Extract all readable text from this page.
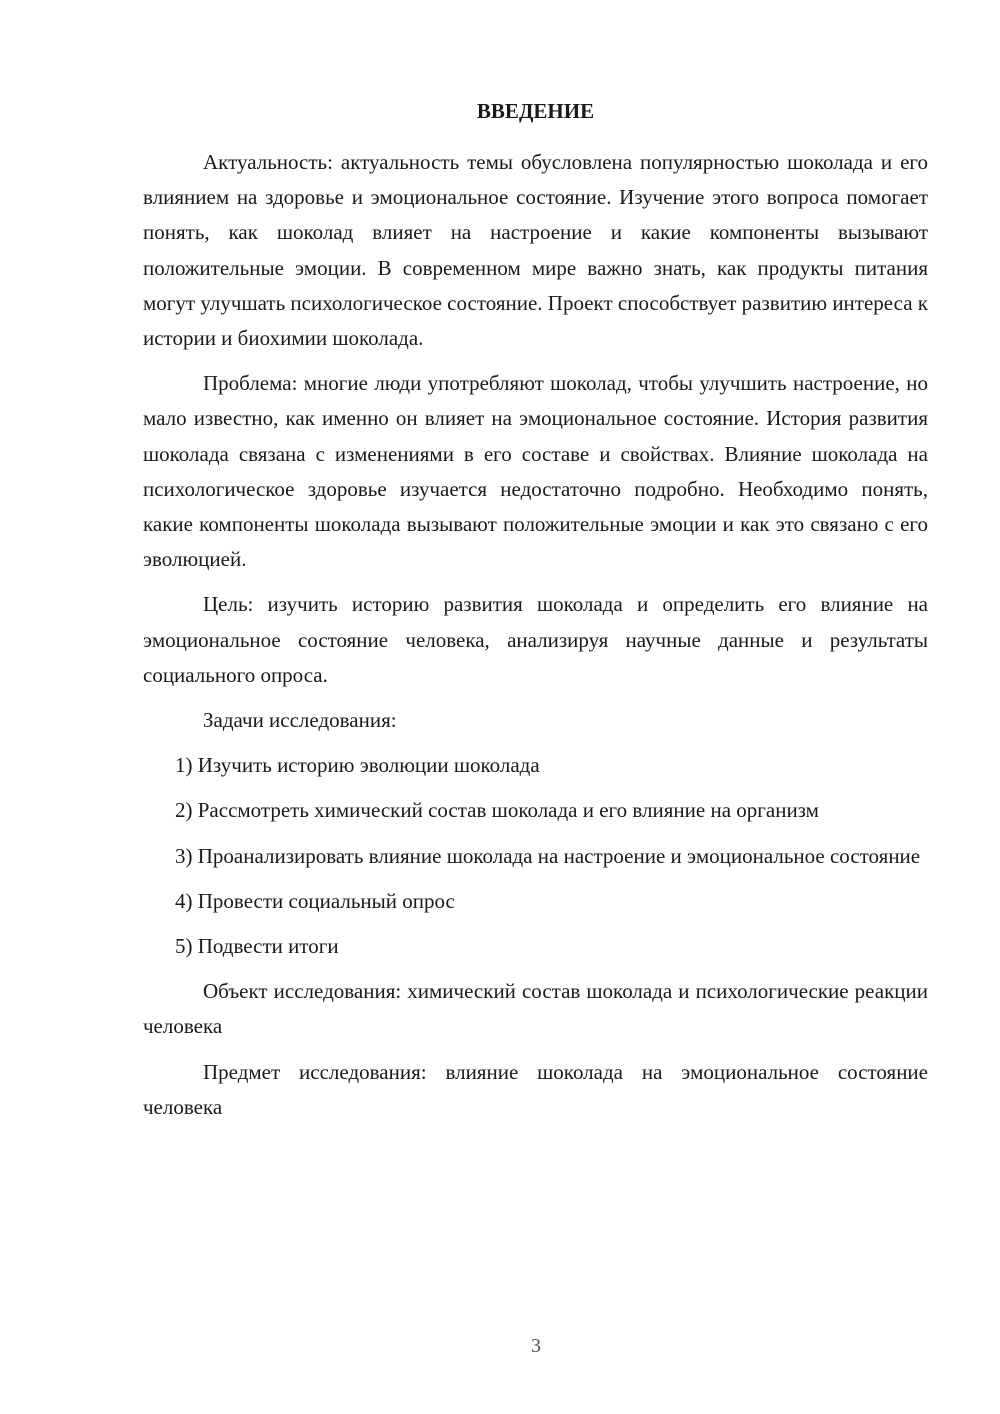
ВВЕДЕНИЕ

Актуальность: актуальность темы обусловлена популярностью шоколада и его влиянием на здоровье и эмоциональное состояние. Изучение этого вопроса помогает понять, как шоколад влияет на настроение и какие компоненты вызывают положительные эмоции. В современном мире важно знать, как продукты питания могут улучшать психологическое состояние. Проект способствует развитию интереса к истории и биохимии шоколада.

Проблема: многие люди употребляют шоколад, чтобы улучшить настроение, но мало известно, как именно он влияет на эмоциональное состояние. История развития шоколада связана с изменениями в его составе и свойствах. Влияние шоколада на психологическое здоровье изучается недостаточно подробно. Необходимо понять, какие компоненты шоколада вызывают положительные эмоции и как это связано с его эволюцией.

Цель: изучить историю развития шоколада и определить его влияние на эмоциональное состояние человека, анализируя научные данные и результаты социального опроса.

Задачи исследования:

1) Изучить историю эволюции шоколада

2) Рассмотреть химический состав шоколада и его влияние на организм

3) Проанализировать влияние шоколада на настроение и эмоциональное состояние

4) Провести социальный опрос

5) Подвести итоги

Объект исследования: химический состав шоколада и психологические реакции человека

Предмет исследования: влияние шоколада на эмоциональное состояние человека

3
